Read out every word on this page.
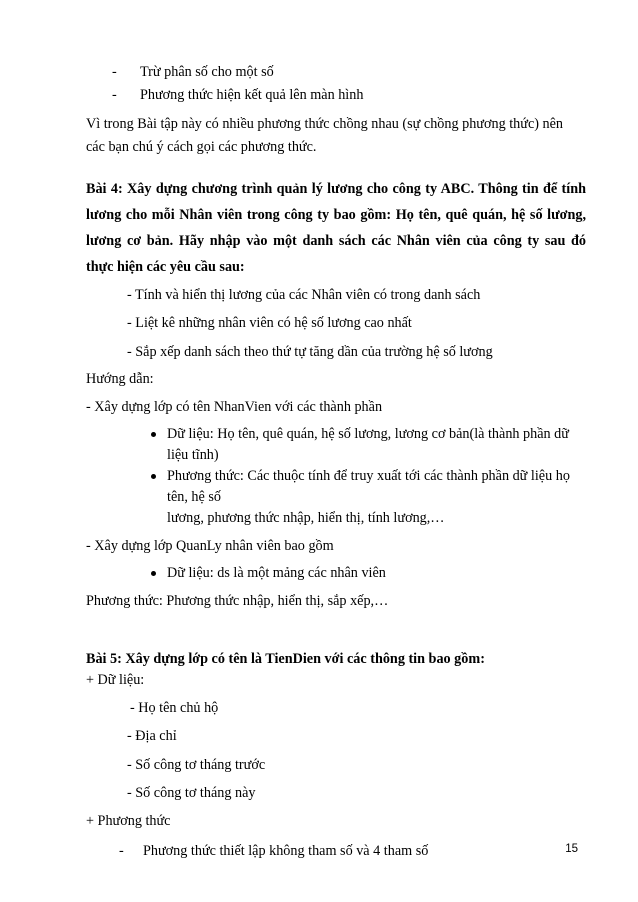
- Trừ phân số cho một số
- Phương thức hiện kết quả lên màn hình
Vì trong Bài tập này có nhiều phương thức chồng nhau (sự chồng phương thức) nên
các bạn chú ý cách gọi các phương thức.
Bài 4: Xây dựng chương trình quản lý lương cho công ty ABC. Thông tin để tính
lương cho mỗi Nhân viên trong công ty bao gồm: Họ tên, quê quán, hệ số lương,
lương cơ bản. Hãy nhập vào một danh sách các Nhân viên của công ty sau đó
thực hiện các yêu cầu sau:
- Tính và hiển thị lương của các Nhân viên có trong danh sách
- Liệt kê những nhân viên có hệ số lương cao nhất
- Sắp xếp danh sách theo thứ tự tăng dần của trường hệ số lương
Hướng dẫn:
- Xây dựng lớp có tên NhanVien với các thành phần
Dữ liệu: Họ tên, quê quán, hệ số lương, lương cơ bản(là thành phần dữ
liệu tĩnh)
Phương thức: Các thuộc tính để truy xuất tới các thành phần dữ liệu họ
tên, hệ số
lương, phương thức nhập, hiển thị, tính lương,…
- Xây dựng lớp QuanLy nhân viên bao gồm
Dữ liệu: ds là một mảng các nhân viên
Phương thức: Phương thức nhập, hiển thị, sắp xếp,…
Bài 5: Xây dựng lớp có tên là TienDien với các thông tin bao gồm:
+ Dữ liệu:
- Họ tên chủ hộ
- Địa chỉ
- Số công tơ tháng trước
- Số công tơ tháng này
+ Phương thức
- Phương thức thiết lập không tham số và 4 tham số	15
